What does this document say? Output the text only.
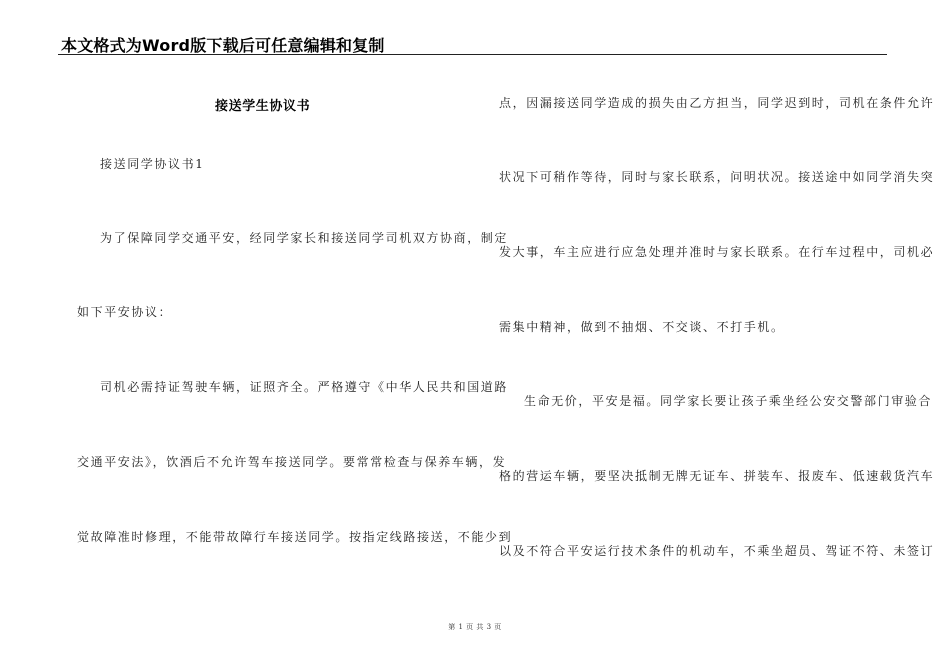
本文格式为Word版下载后可任意编辑和复制
接送学生协议书
接送同学协议书1
为了保障同学交通平安，经同学家长和接送同学司机双方协商，制定
如下平安协议：
司机必需持证驾驶车辆，证照齐全。严格遵守《中华人民共和国道路
交通平安法》，饮酒后不允许驾车接送同学。要常常检查与保养车辆，发
觉故障准时修理，不能带故障行车接送同学。按指定线路接送，不能少到
点，因漏接送同学造成的损失由乙方担当，同学迟到时，司机在条件允许
状况下可稍作等待，同时与家长联系，问明状况。接送途中如同学消失突
发大事，车主应进行应急处理并准时与家长联系。在行车过程中，司机必
需集中精神，做到不抽烟、不交谈、不打手机。
生命无价，平安是福。同学家长要让孩子乘坐经公安交警部门审验合
格的营运车辆，要坚决抵制无牌无证车、拼装车、报废车、低速载货汽车
以及不符合平安运行技术条件的机动车，不乘坐超员、驾证不符、未签订
第 1 页 共 3 页
